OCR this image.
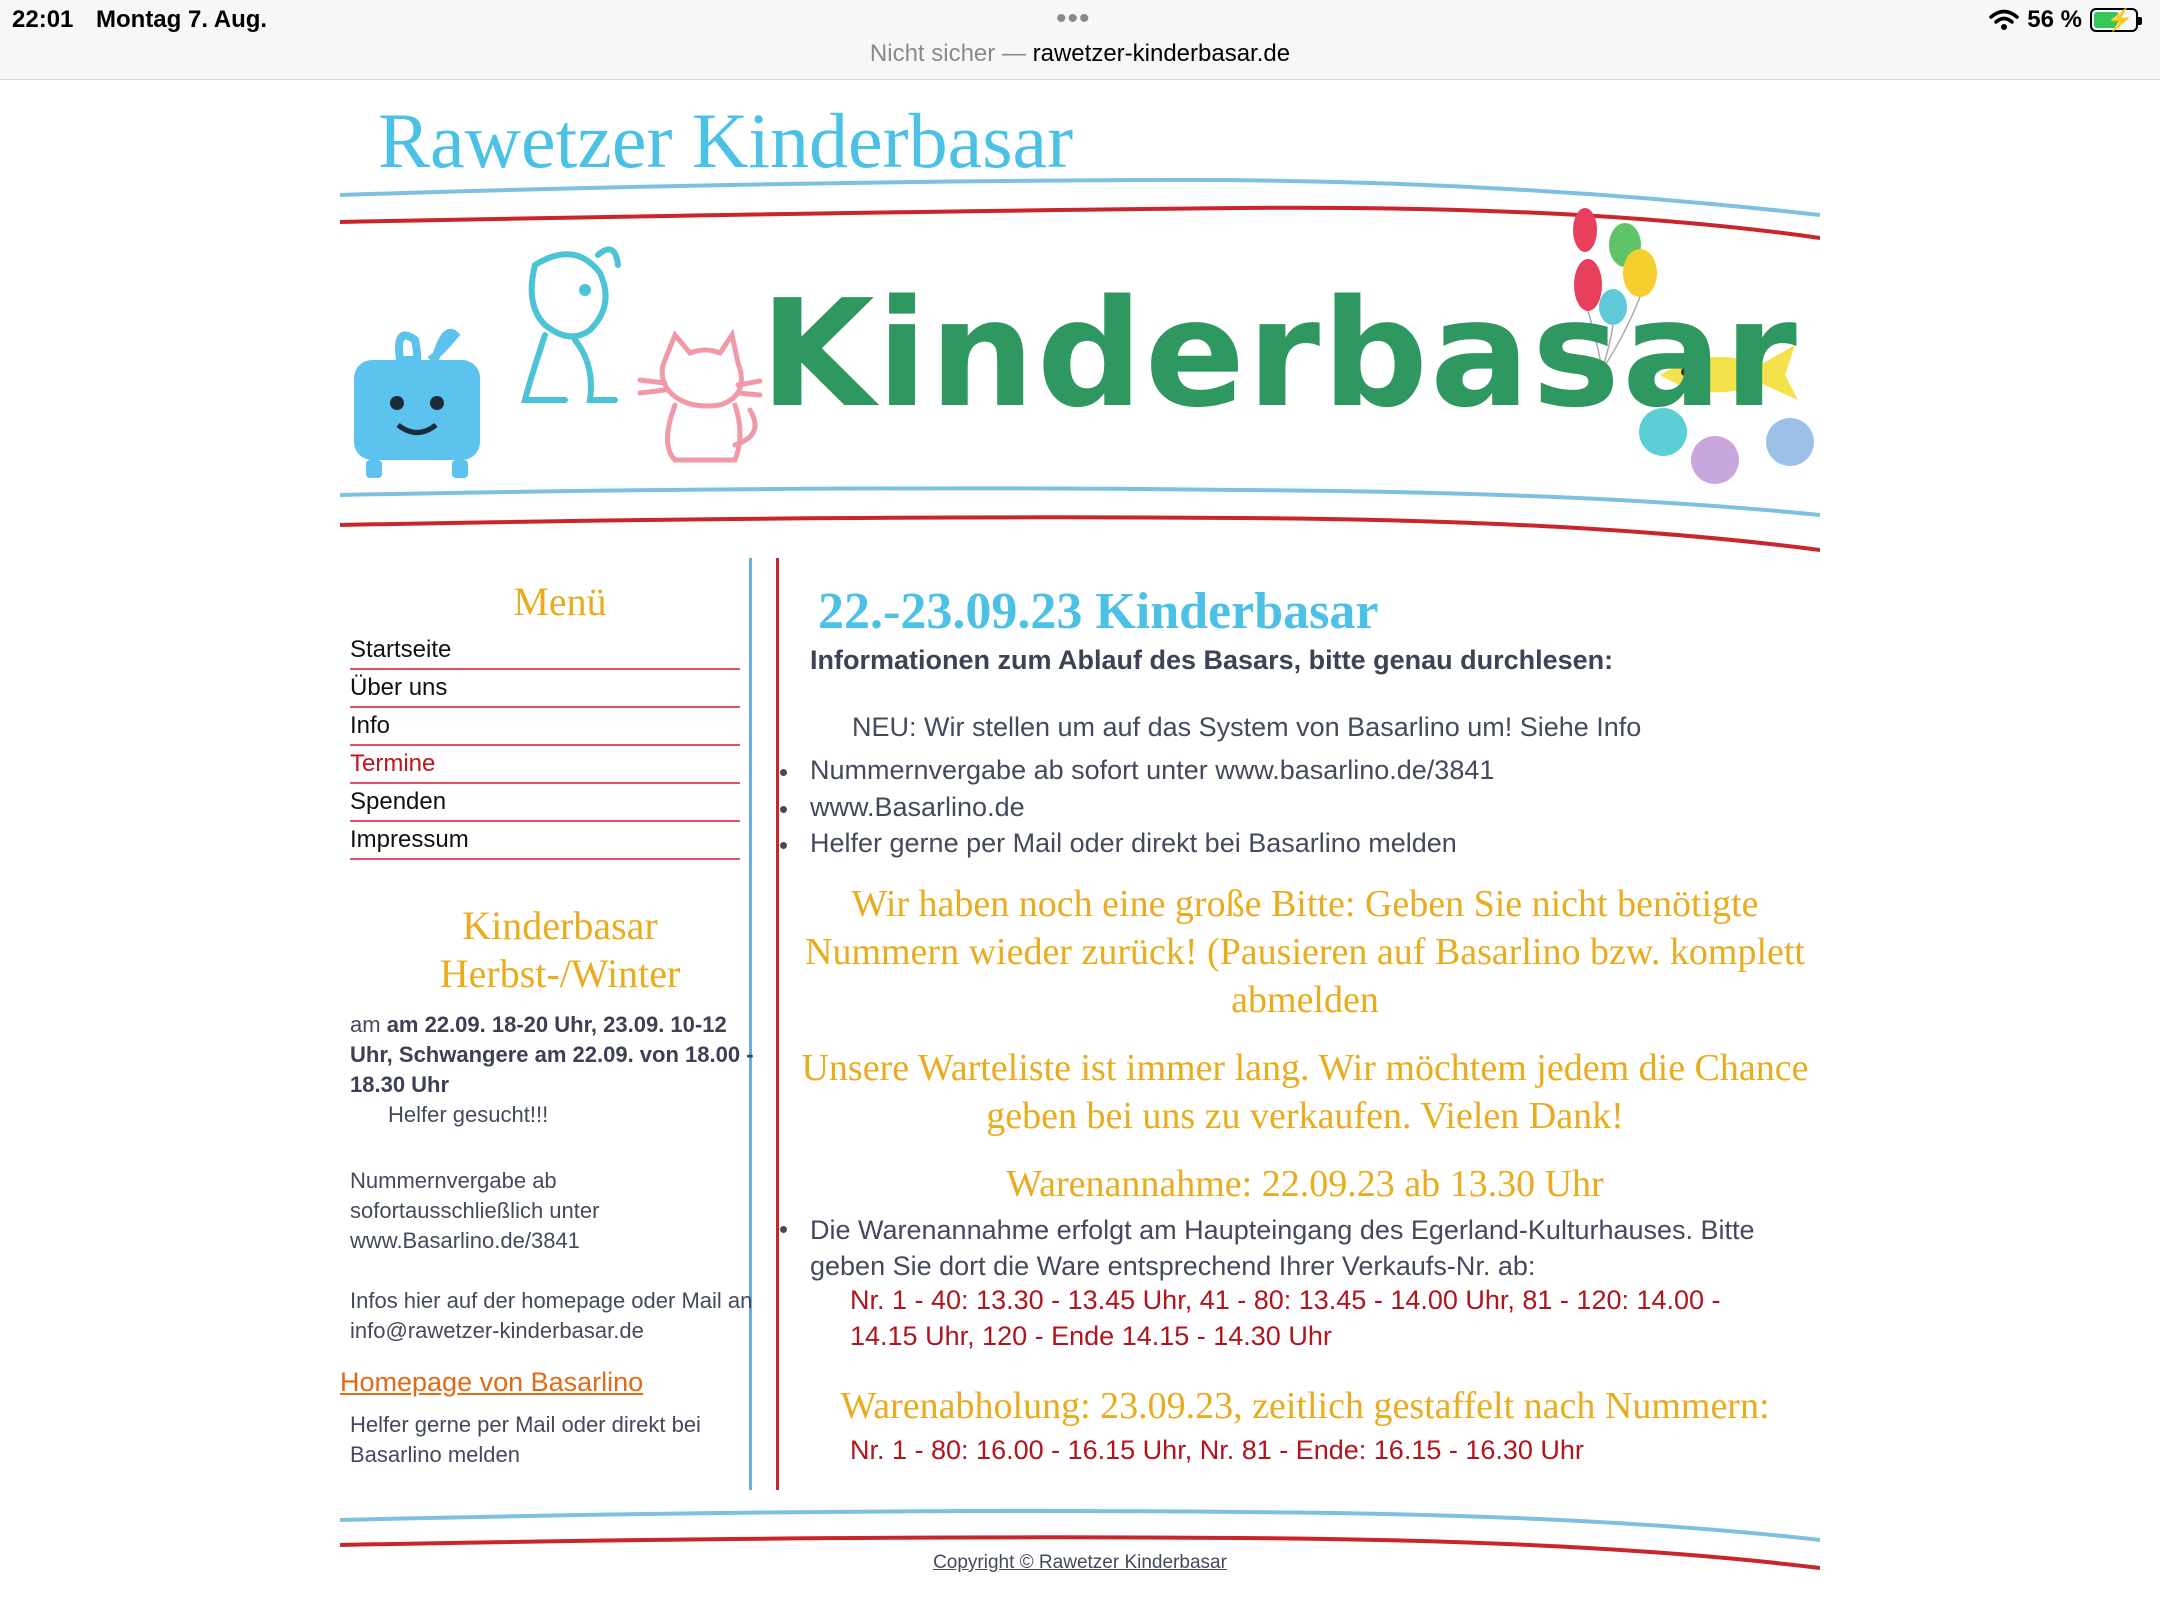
22:01 Montag 7. Aug.	•••
Nicht sicher — rawetzer-kinderbasar.de
56 % ⚡
Rawetzer Kinderbasar
Kinderbasar
Menü
Startseite
Über uns
Info
Termine
Spenden
Impressum
Kinderbasar Herbst-/Winter
am am 22.09. 18-20 Uhr, 23.09. 10-12 Uhr, Schwangere am 22.09. von 18.00 - 18.30 Uhr
Helfer gesucht!!!
Nummernvergabe ab sofortausschließlich unter www.Basarlino.de/3841
Infos hier auf der homepage oder Mail an info@rawetzer-kinderbasar.de
Homepage von Basarlino
Helfer gerne per Mail oder direkt bei Basarlino melden
22.-23.09.23 Kinderbasar
Informationen zum Ablauf des Basars, bitte genau durchlesen:
NEU: Wir stellen um auf das System von Basarlino um! Siehe Info
Nummernvergabe ab sofort unter www.basarlino.de/3841
www.Basarlino.de
Helfer gerne per Mail oder direkt bei Basarlino melden
Wir haben noch eine große Bitte: Geben Sie nicht benötigte Nummern wieder zurück! (Pausieren auf Basarlino bzw. komplett abmelden
Unsere Warteliste ist immer lang. Wir möchtem jedem die Chance geben bei uns zu verkaufen. Vielen Dank!
Warenannahme: 22.09.23 ab 13.30 Uhr
Die Warenannahme erfolgt am Haupteingang des Egerland-Kulturhauses. Bitte geben Sie dort die Ware entsprechend Ihrer Verkaufs-Nr. ab:
Nr. 1 - 40: 13.30 - 13.45 Uhr, 41 - 80: 13.45 - 14.00 Uhr, 81 - 120: 14.00 - 14.15 Uhr, 120 - Ende 14.15 - 14.30 Uhr
Warenabholung: 23.09.23, zeitlich gestaffelt nach Nummern:
Nr. 1 - 80: 16.00 - 16.15 Uhr, Nr. 81 - Ende: 16.15 - 16.30 Uhr
Copyright © Rawetzer Kinderbasar
